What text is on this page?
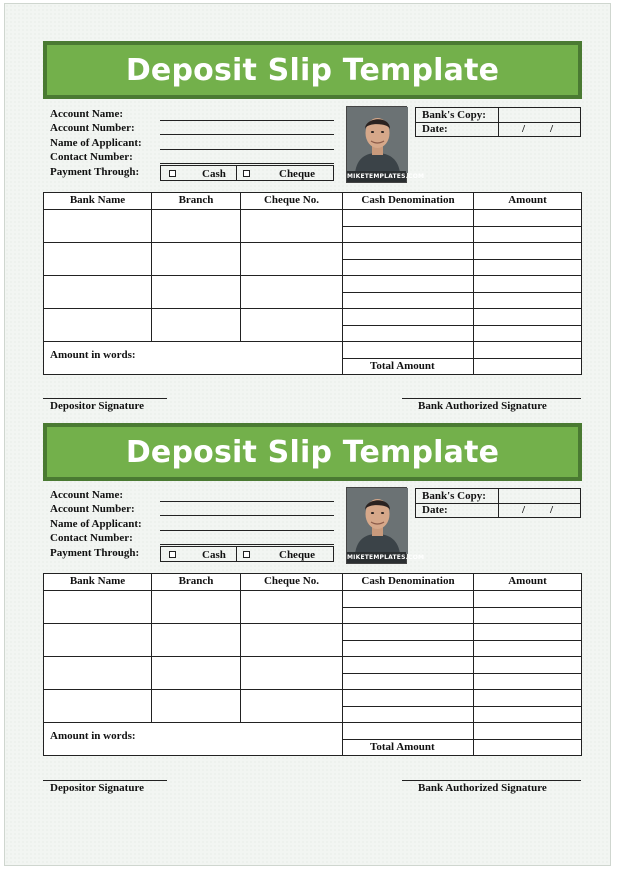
Deposit Slip Template
Account Name:
Account Number:
Name of Applicant:
Contact Number:
Payment Through:	Cash	Cheque	MIKETEMPLATES.COM
Bank's Copy:
Date:	/ /
Bank Name	Branch	Cheque No.	Cash Denomination	Amount
Amount in words:
Total Amount
Depositor Signature	Bank Authorized Signature
Deposit Slip Template
Account Name:
Account Number:
Name of Applicant:
Contact Number:
Payment Through:	Cash	Cheque	MIKETEMPLATES.COM
Bank's Copy:
Date:	/ /
Bank Name	Branch	Cheque No.	Cash Denomination	Amount
Amount in words:
Total Amount
Depositor Signature	Bank Authorized Signature
